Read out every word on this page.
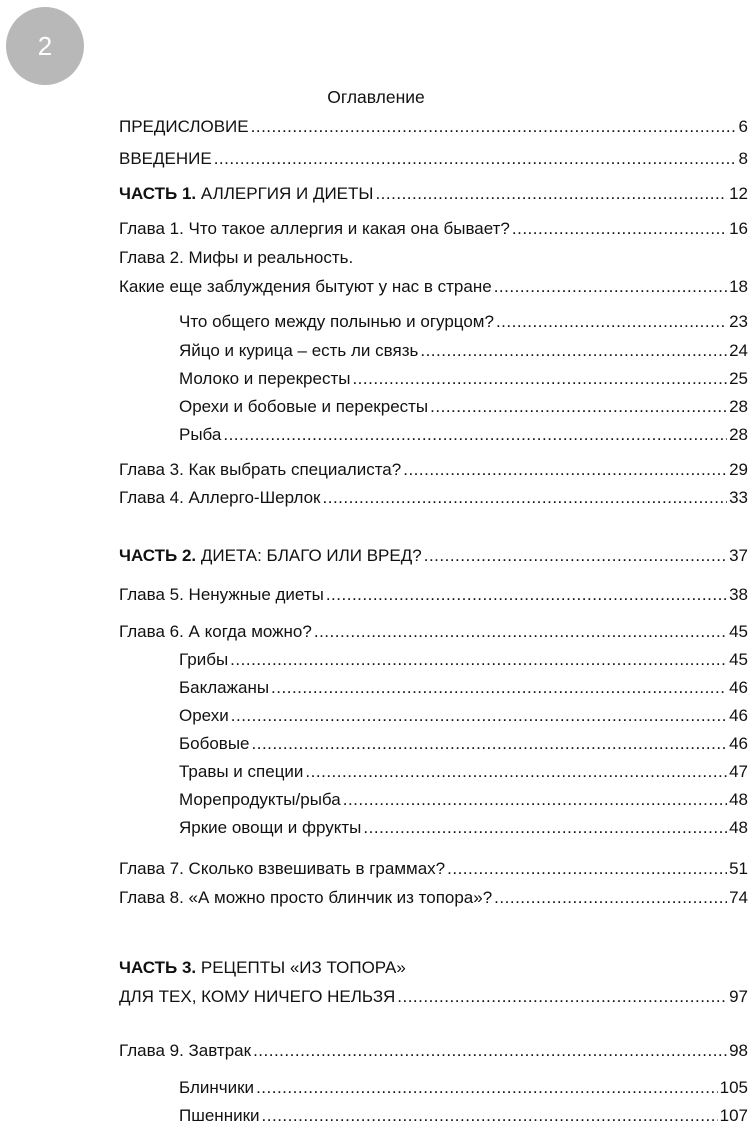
2
Оглавление
ПРЕДИСЛОВИЕ .....	6
ВВЕДЕНИЕ .....	8
ЧАСТЬ 1. АЛЛЕРГИЯ И ДИЕТЫ .....	12
Глава 1. Что такое аллергия и какая она бывает? .....	16
Глава 2. Мифы и реальность.
Какие еще заблуждения бытуют у нас в стране .....	18
Что общего между полынью и огурцом? .....	23
Яйцо и курица – есть ли связь .....	24
Молоко и перекресты .....	25
Орехи и бобовые и перекресты .....	28
Рыба .....	28
Глава 3. Как выбрать специалиста? .....	29
Глава 4. Аллерго-Шерлок .....	33
ЧАСТЬ 2. ДИЕТА: БЛАГО ИЛИ ВРЕД? .....	37
Глава 5. Ненужные диеты .....	38
Глава 6. А когда можно? .....	45
Грибы .....	45
Баклажаны .....	46
Орехи .....	46
Бобовые .....	46
Травы и специи .....	47
Морепродукты/рыба .....	48
Яркие овощи и фрукты .....	48
Глава 7. Сколько взвешивать в граммах? .....	51
Глава 8. «А можно просто блинчик из топора»? .....	74
ЧАСТЬ 3. РЕЦЕПТЫ «ИЗ ТОПОРА»
ДЛЯ ТЕХ, КОМУ НИЧЕГО НЕЛЬЗЯ .....	97
Глава 9. Завтрак .....	98
Блинчики .....	105
Пшенники .....	107
